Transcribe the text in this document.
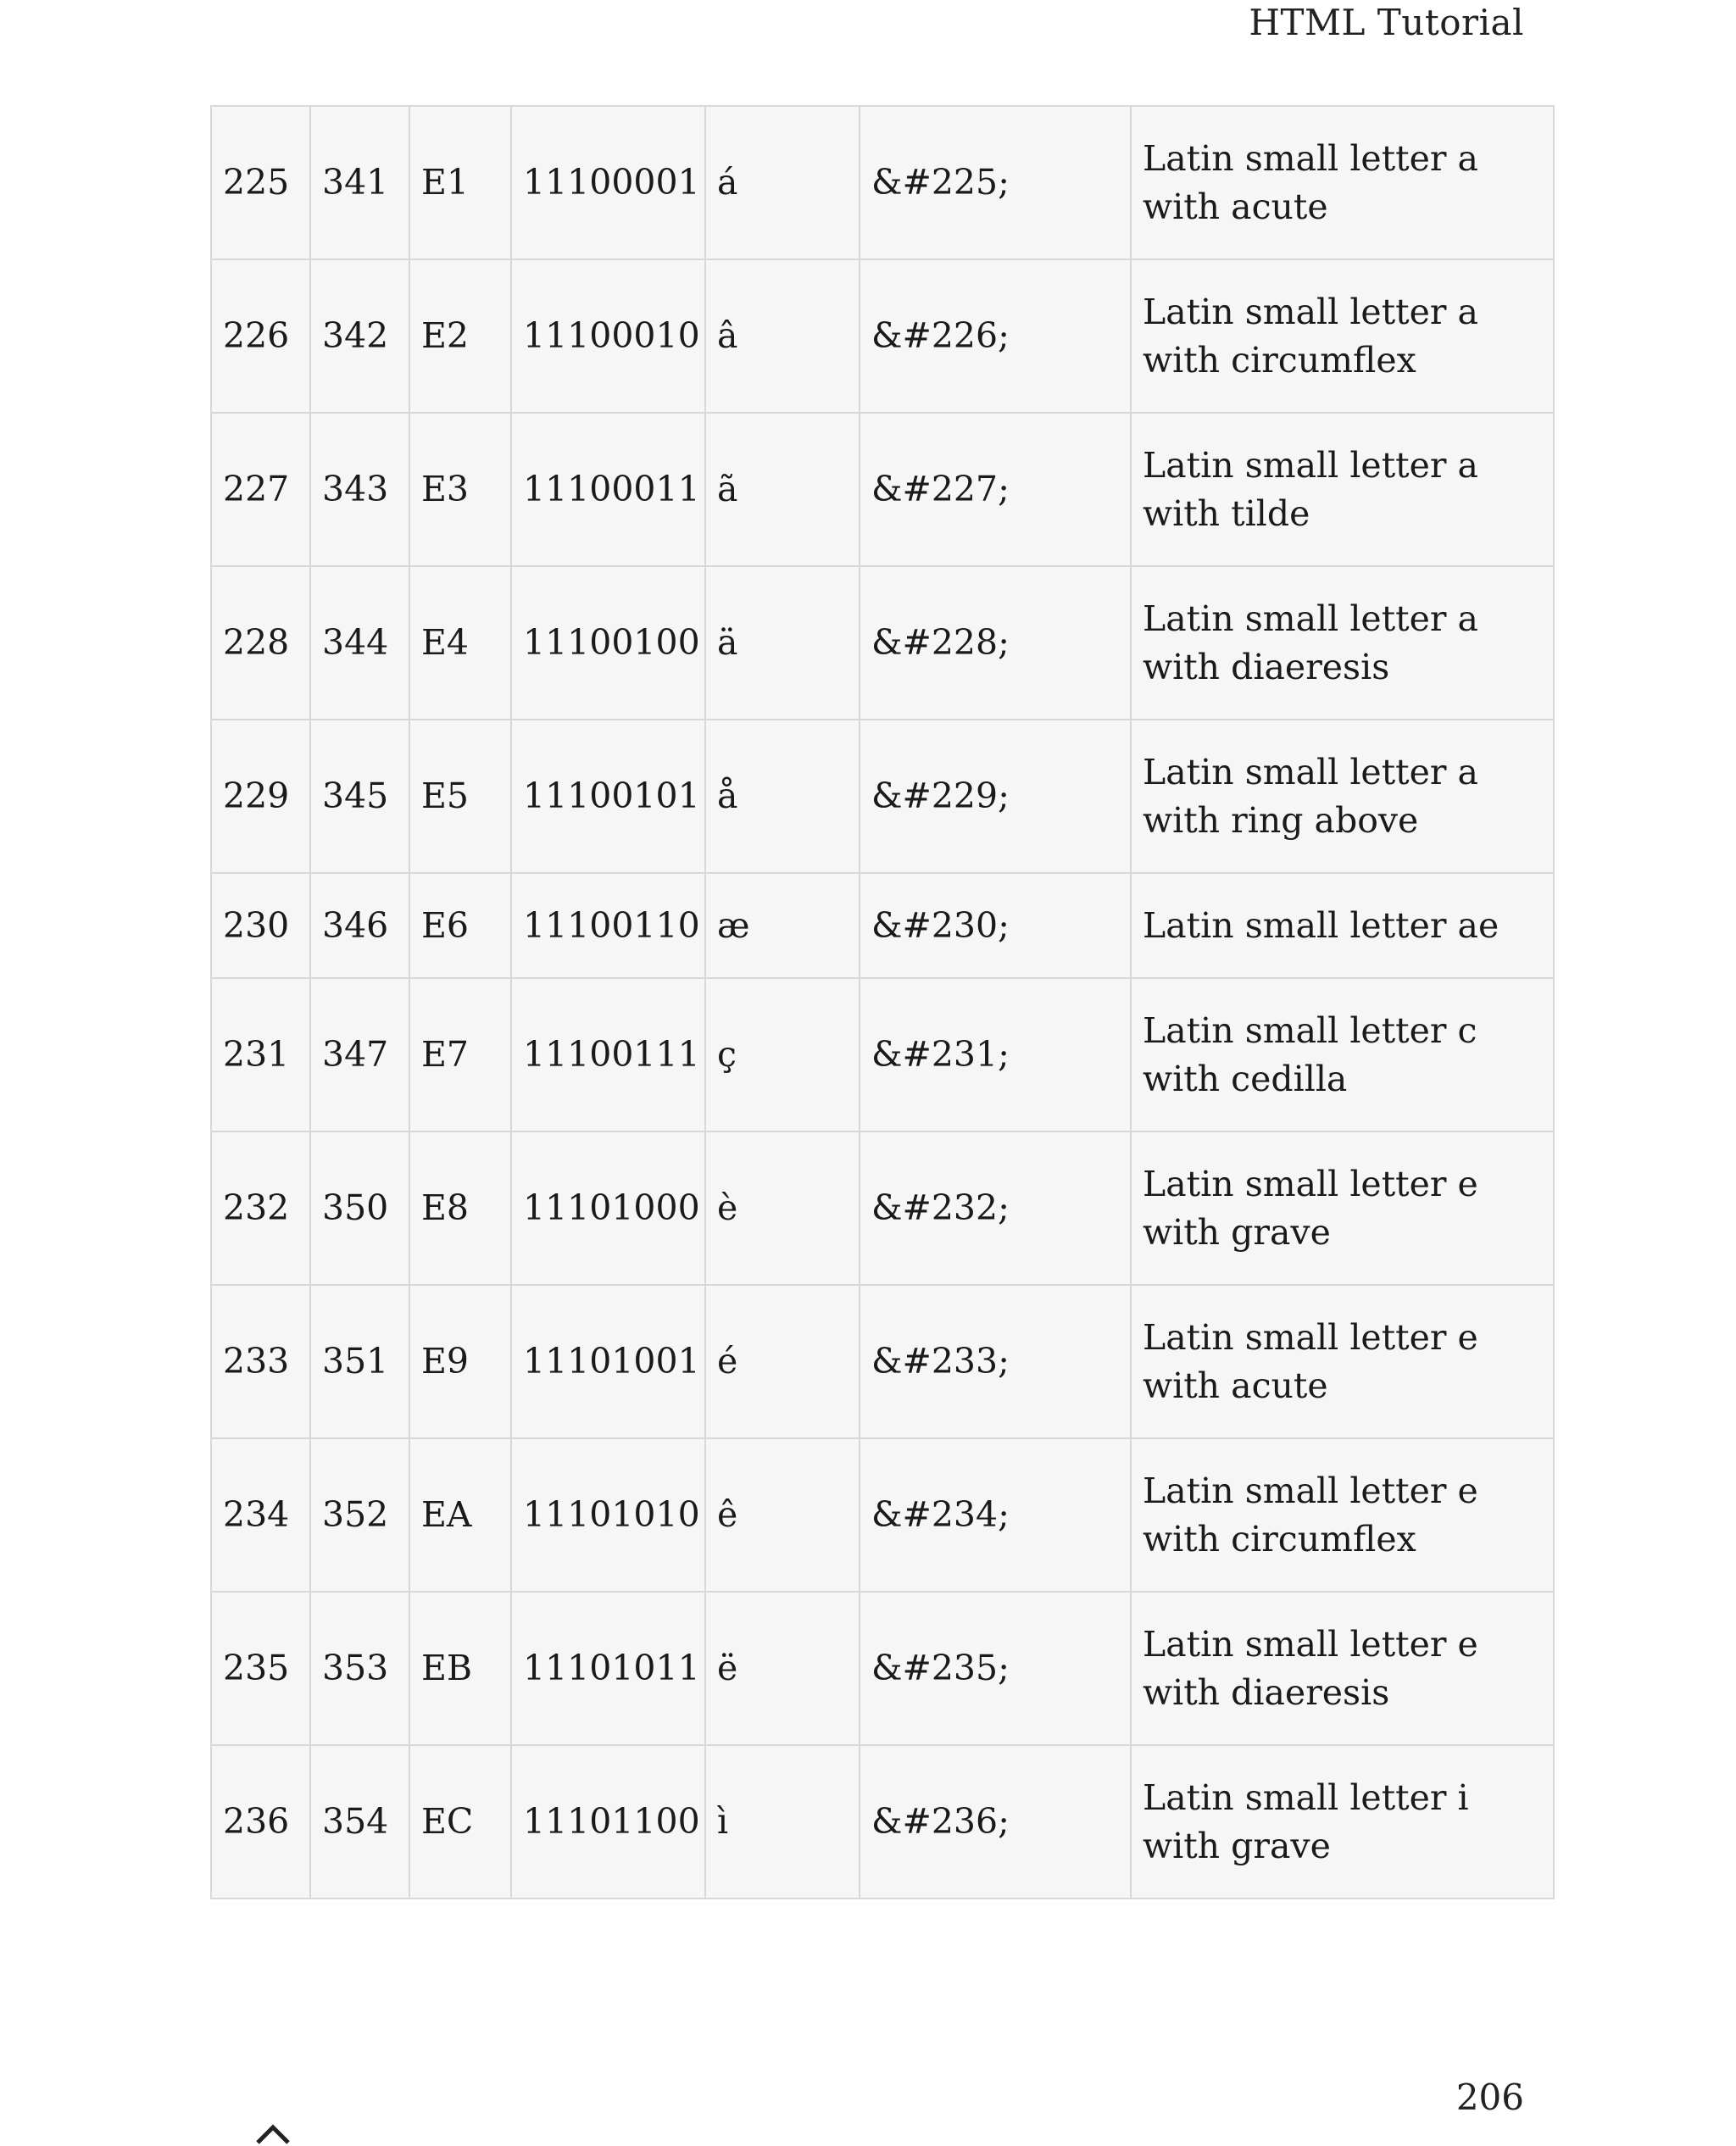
HTML Tutorial
225	341	E1	11100001	á	&#225;	Latin small letter a with acute
226	342	E2	11100010	â	&#226;	Latin small letter a with circumflex
227	343	E3	11100011	ã	&#227;	Latin small letter a with tilde
228	344	E4	11100100	ä	&#228;	Latin small letter a with diaeresis
229	345	E5	11100101	å	&#229;	Latin small letter a with ring above
230	346	E6	11100110	æ	&#230;	Latin small letter ae
231	347	E7	11100111	ç	&#231;	Latin small letter c with cedilla
232	350	E8	11101000	è	&#232;	Latin small letter e with grave
233	351	E9	11101001	é	&#233;	Latin small letter e with acute
234	352	EA	11101010	ê	&#234;	Latin small letter e with circumflex
235	353	EB	11101011	ë	&#235;	Latin small letter e with diaeresis
236	354	EC	11101100	ì	&#236;	Latin small letter i with grave
206
